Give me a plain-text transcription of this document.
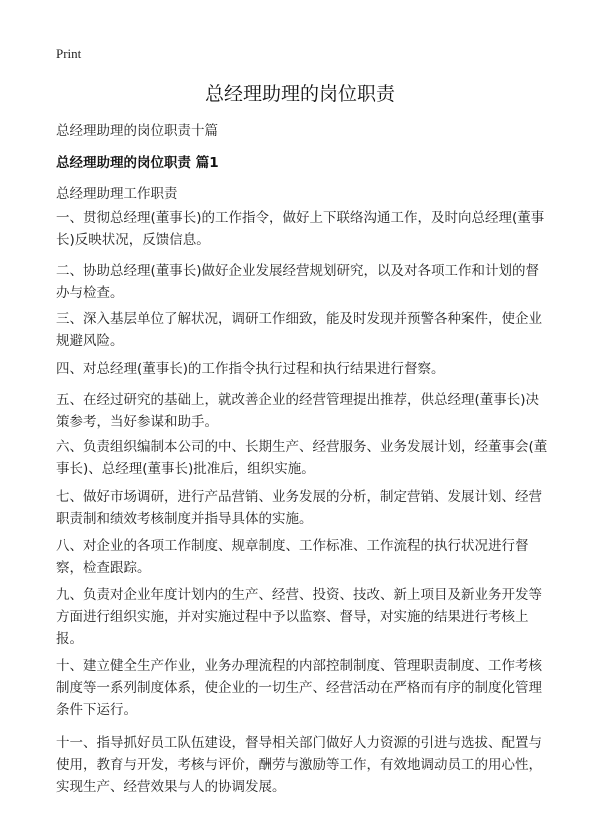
Print
总经理助理的岗位职责
总经理助理的岗位职责十篇
总经理助理的岗位职责 篇1
总经理助理工作职责

一、贯彻总经理(董事长)的工作指令，做好上下联络沟通工作，及时向总经理(董事长)反映状况，反馈信息。

二、协助总经理(董事长)做好企业发展经营规划研究，以及对各项工作和计划的督办与检查。

三、深入基层单位了解状况，调研工作细致，能及时发现并预警各种案件，使企业规避风险。

四、对总经理(董事长)的工作指令执行过程和执行结果进行督察。

五、在经过研究的基础上，就改善企业的经营管理提出推荐，供总经理(董事长)决策参考，当好参谋和助手。

六、负责组织编制本公司的中、长期生产、经营服务、业务发展计划，经董事会(董事长)、总经理(董事长)批准后，组织实施。

七、做好市场调研，进行产品营销、业务发展的分析，制定营销、发展计划、经营职责制和绩效考核制度并指导具体的实施。

八、对企业的各项工作制度、规章制度、工作标准、工作流程的执行状况进行督察，检查跟踪。

九、负责对企业年度计划内的生产、经营、投资、技改、新上项目及新业务开发等方面进行组织实施，并对实施过程中予以监察、督导，对实施的结果进行考核上报。

十、建立健全生产作业，业务办理流程的内部控制制度、管理职责制度、工作考核制度等一系列制度体系，使企业的一切生产、经营活动在严格而有序的制度化管理条件下运行。

十一、指导抓好员工队伍建设，督导相关部门做好人力资源的引进与选拔、配置与使用，教育与开发，考核与评价，酬劳与激励等工作，有效地调动员工的用心性，实现生产、经营效果与人的协调发展。
